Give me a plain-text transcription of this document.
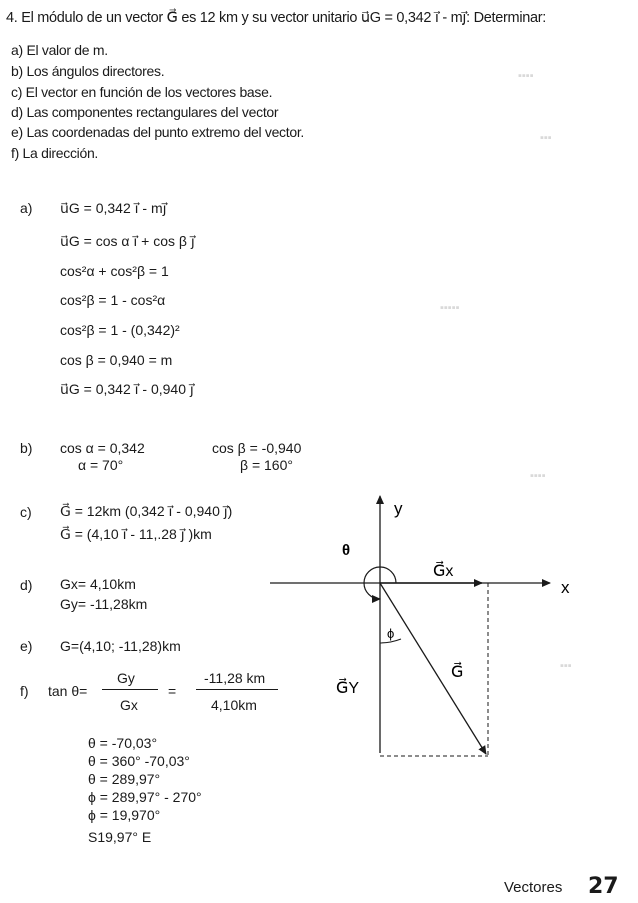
▪▪▪▪
▪▪▪
▪▪▪▪▪
▪▪▪▪
▪▪▪
4. El módulo de un vector G⃗ es 12 km y su vector unitario u⃗G = 0,342 i⃗ - mj⃗: Determinar:
a) El valor de m.
b) Los ángulos directores.
c) El vector en función de los vectores base.
d) Las componentes rectangulares del vector
e) Las coordenadas del punto extremo del vector.
f) La dirección.
a) u⃗G = 0,342 i⃗ - mj⃗
u⃗G = cos α i⃗ + cos β j⃗
cos²α + cos²β = 1
cos²β = 1 - cos²α
cos²β = 1 - (0,342)²
cos β = 0,940 = m
u⃗G = 0,342 i⃗ - 0,940 j⃗
b) cos α = 0,342
α = 70°
cos β = -0,940
β = 160°
c) G⃗ = 12km (0,342 i⃗ - 0,940 j⃗)
G⃗ = (4,10 i⃗ - 11,.28 j⃗ )km
d) Gx= 4,10km
Gy= -11,28km
e) G=(4,10; -11,28)km
f) tan θ=
Gy
Gx
=
-11,28 km
4,10km
θ = -70,03°
θ = 360° -70,03°
θ = 289,97°
ϕ = 289,97° - 270°
ϕ = 19,970°
S19,97° E
y
x
θ
ϕ
G⃗x
G⃗
G⃗Y
Vectores 27
